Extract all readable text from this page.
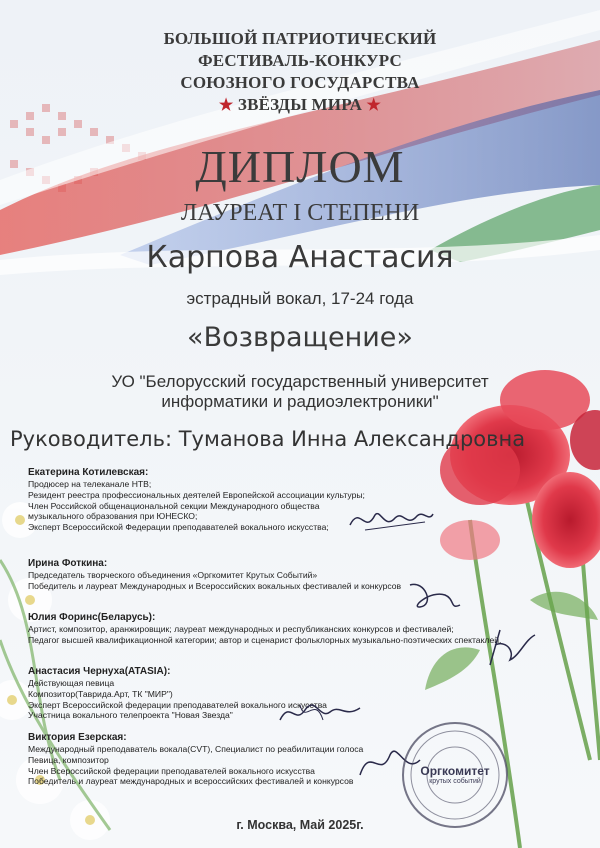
БОЛЬШОЙ ПАТРИОТИЧЕСКИЙ
ФЕСТИВАЛЬ-КОНКУРС
СОЮЗНОГО ГОСУДАРСТВА
★ ЗВЁЗДЫ МИРА ★
ДИПЛОМ
ЛАУРЕАТ I СТЕПЕНИ
Карпова Анастасия
эстрадный вокал, 17-24 года
«Возвращение»
УО "Белорусский государственный университет
информатики и радиоэлектроники"
Руководитель: Туманова Инна Александровна
Екатерина Котилевская:
Продюсер на телеканале НТВ;
Резидент реестра профессиональных деятелей Европейской ассоциации культуры;
Член Российской общенациональной секции Международного общества
музыкального образования при ЮНЕСКО;
Эксперт Всероссийской Федерации преподавателей вокального искусства;
Ирина Фоткина:
Председатель творческого объединения «Оргкомитет Крутых Событий»
Победитель и лауреат Международных и Всероссийских вокальных фестивалей и конкурсов
Юлия Форинс(Беларусь):
Артист, композитор, аранжировщик; лауреат международных и республиканских конкурсов и фестивалей;
Педагог высшей квалификационной категории; автор и сценарист фольклорных музыкально-поэтических спектаклей.
Анастасия Чернуха(ATASIA):
Действующая певица
Композитор(Таврида.Арт, ТК "МИР")
Эксперт Всероссийской федерации преподавателей вокального искусства
Участница вокального телепроекта "Новая Звезда"
Виктория Езерская:
Международный преподаватель вокала(CVT), Специалист по реабилитации голоса
Певица, композитор
Член Всероссийской федерации преподавателей вокального искусства
Победитель и лауреат международных и всероссийских фестивалей и конкурсов
Оргкомитет
крутых событий
г. Москва, Май 2025г.
